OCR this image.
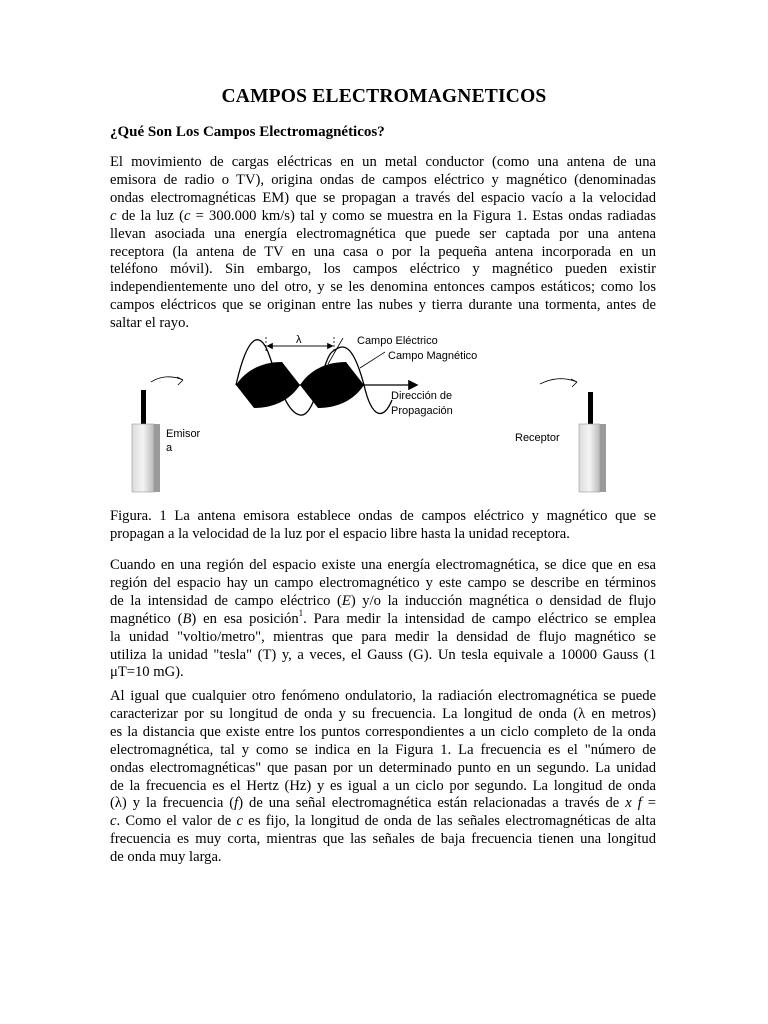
CAMPOS ELECTROMAGNETICOS
¿Qué Son Los Campos Electromagnéticos?
El movimiento de cargas eléctricas en un metal conductor (como una antena de una
emisora de radio o TV), origina ondas de campos eléctrico y magnético (denominadas
ondas electromagnéticas EM) que se propagan a través del espacio vacío a la velocidad
c de la luz (c = 300.000 km/s) tal y como se muestra en la Figura 1. Estas ondas radiadas
llevan asociada una energía electromagnética que puede ser captada por una antena
receptora (la antena de TV en una casa o por la pequeña antena incorporada en un
teléfono móvil). Sin embargo, los campos eléctrico y magnético pueden existir
independientemente uno del otro, y se les denomina entonces campos estáticos; como los
campos eléctricos que se originan entre las nubes y tierra durante una tormenta, antes de
saltar el rayo.
λ	Campo Eléctrico
Campo Magnético
Dirección de
Propagación
Emisor
a
Receptor
Figura. 1 La antena emisora establece ondas de campos eléctrico y magnético que se
propagan a la velocidad de la luz por el espacio libre hasta la unidad receptora.
Cuando en una región del espacio existe una energía electromagnética, se dice que en esa
región del espacio hay un campo electromagnético y este campo se describe en términos
de la intensidad de campo eléctrico (E) y/o la inducción magnética o densidad de flujo
magnético (B) en esa posición$^1$. Para medir la intensidad de campo eléctrico se emplea
la unidad "voltio/metro", mientras que para medir la densidad de flujo magnético se
utiliza la unidad "tesla" (T) y, a veces, el Gauss (G). Un tesla equivale a 10000 Gauss (1
μT=10 mG).
Al igual que cualquier otro fenómeno ondulatorio, la radiación electromagnética se puede
caracterizar por su longitud de onda y su frecuencia. La longitud de onda (λ en metros)
es la distancia que existe entre los puntos correspondientes a un ciclo completo de la onda
electromagnética, tal y como se indica en la Figura 1. La frecuencia es el "número de
ondas electromagnéticas" que pasan por un determinado punto en un segundo. La unidad
de la frecuencia es el Hertz (Hz) y es igual a un ciclo por segundo. La longitud de onda
(λ) y la frecuencia (f) de una señal electromagnética están relacionadas a través de x f =
c. Como el valor de c es fijo, la longitud de onda de las señales electromagnéticas de alta
frecuencia es muy corta, mientras que las señales de baja frecuencia tienen una longitud
de onda muy larga.
